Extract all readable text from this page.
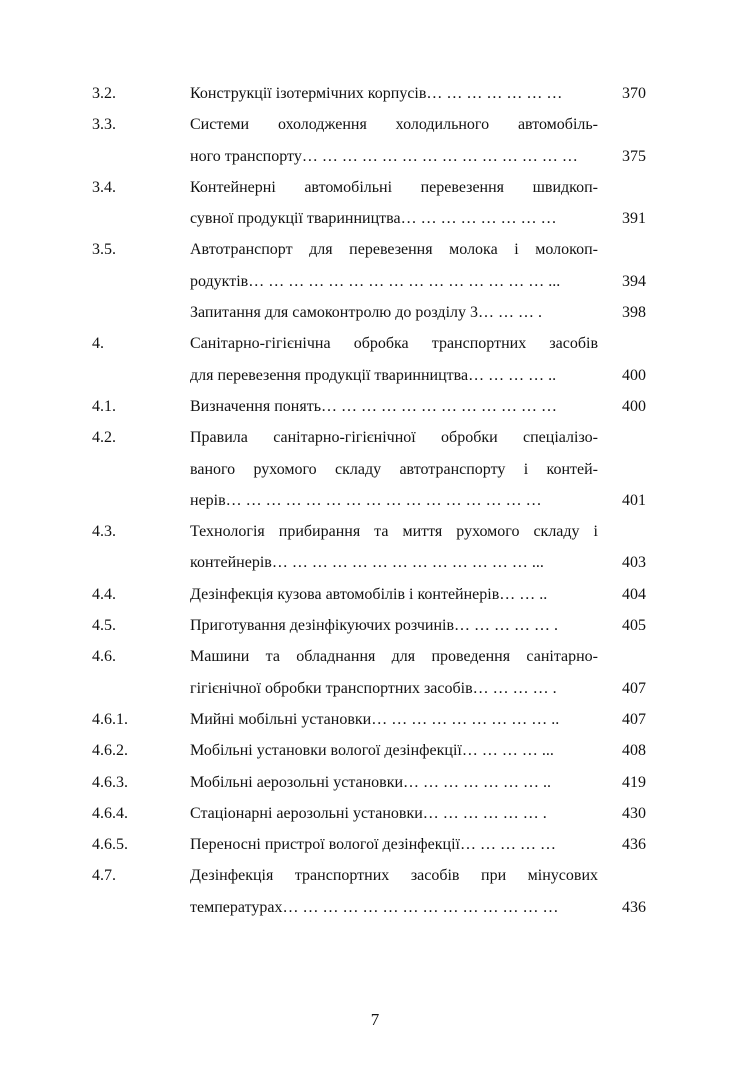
3.2.	Конструкції ізотермічних корпусів… … … … … … …	370
3.3.	Системи охолодження холодильного автомобіль-
ного транспорту… … … … … … … … … … … … … …	375
3.4.	Контейнерні автомобільні перевезення швидкоп-
сувної продукції тваринництва… … … … … … … …	391
3.5.	Автотранспорт для перевезення молока і молокоп-
родуктів… … … … … … … … … … … … … … … ...	394
Запитання для самоконтролю до розділу 3… … … .	398
4.	Санітарно-гігієнічна обробка транспортних засобів
для перевезення продукції тваринництва… … … … ..	400
4.1.	Визначення понять… … … … … … … … … … … …	400
4.2.	Правила санітарно-гігієнічної обробки спеціалізо-
ваного рухомого складу автотранспорту і контей-
нерів… … … … … … … … … … … … … … … …	401
4.3.	Технологія прибирання та миття рухомого складу і
контейнерів… … … … … … … … … … … … … ...	403
4.4.	Дезінфекція кузова автомобілів і контейнерів… … ..	404
4.5.	Приготування дезінфікуючих розчинів… … … … … .	405
4.6.	Машини та обладнання для проведення санітарно-
гігієнічної обробки транспортних засобів… … … … .	407
4.6.1.	Мийні мобільні установки… … … … … … … … … ..	407
4.6.2.	Мобільні установки вологої дезінфекції… … … … ...	408
4.6.3.	Мобільні аерозольні установки… … … … … … … ..	419
4.6.4.	Стаціонарні аерозольні установки… … … … … … .	430
4.6.5.	Переносні пристрої вологої дезінфекції… … … … …	436
4.7.	Дезінфекція транспортних засобів при мінусових
температурах… … … … … … … … … … … … … …	436
7
